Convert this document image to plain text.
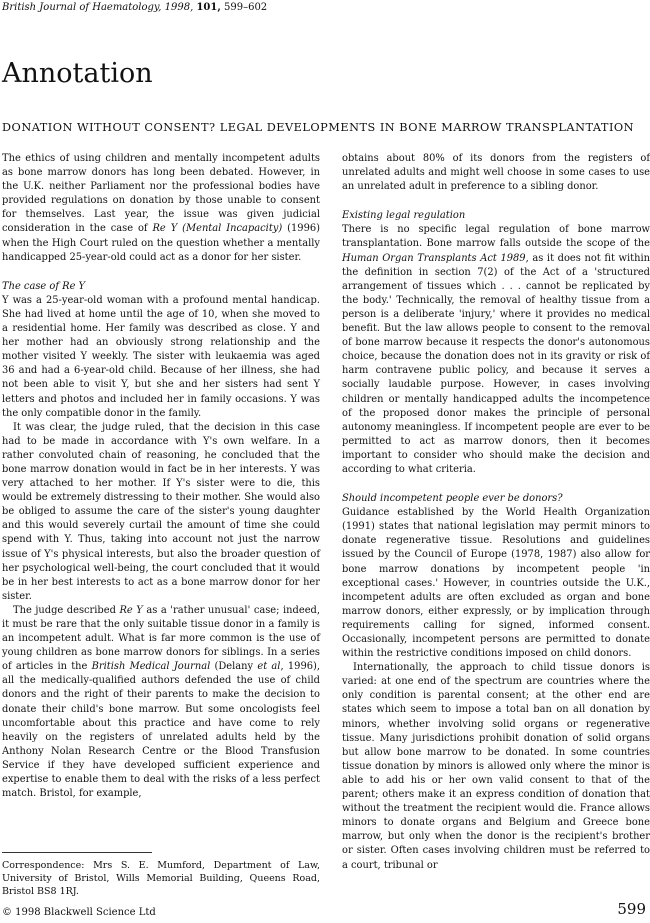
British Journal of Haematology, 1998, 101, 599–602
Annotation
DONATION WITHOUT CONSENT? LEGAL DEVELOPMENTS IN BONE MARROW TRANSPLANTATION

The ethics of using children and mentally incompetent adults as bone marrow donors has long been debated. However, in the U.K. neither Parliament nor the professional bodies have provided regulations on donation by those unable to consent for themselves. Last year, the issue was given judicial consideration in the case of Re Y (Mental Incapacity) (1996) when the High Court ruled on the question whether a mentally handicapped 25-year-old could act as a donor for her sister.

The case of Re Y

Y was a 25-year-old woman with a profound mental handicap. She had lived at home until the age of 10, when she moved to a residential home. Her family was described as close. Y and her mother had an obviously strong relationship and the mother visited Y weekly. The sister with leukaemia was aged 36 and had a 6-year-old child. Because of her illness, she had not been able to visit Y, but she and her sisters had sent Y letters and photos and included her in family occasions. Y was the only compatible donor in the family.

It was clear, the judge ruled, that the decision in this case had to be made in accordance with Y's own welfare. In a rather convoluted chain of reasoning, he concluded that the bone marrow donation would in fact be in her interests. Y was very attached to her mother. If Y's sister were to die, this would be extremely distressing to their mother. She would also be obliged to assume the care of the sister's young daughter and this would severely curtail the amount of time she could spend with Y. Thus, taking into account not just the narrow issue of Y's physical interests, but also the broader question of her psychological well-being, the court concluded that it would be in her best interests to act as a bone marrow donor for her sister.

The judge described Re Y as a 'rather unusual' case; indeed, it must be rare that the only suitable tissue donor in a family is an incompetent adult. What is far more common is the use of young children as bone marrow donors for siblings. In a series of articles in the British Medical Journal (Delany et al, 1996), all the medically-qualified authors defended the use of child donors and the right of their parents to make the decision to donate their child's bone marrow. But some oncologists feel uncomfortable about this practice and have come to rely heavily on the registers of unrelated adults held by the Anthony Nolan Research Centre or the Blood Transfusion Service if they have developed sufficient experience and expertise to enable them to deal with the risks of a less perfect match. Bristol, for example,

obtains about 80% of its donors from the registers of unrelated adults and might well choose in some cases to use an unrelated adult in preference to a sibling donor.

Existing legal regulation

There is no specific legal regulation of bone marrow transplantation. Bone marrow falls outside the scope of the Human Organ Transplants Act 1989, as it does not fit within the definition in section 7(2) of the Act of a 'structured arrangement of tissues which . . . cannot be replicated by the body.' Technically, the removal of healthy tissue from a person is a deliberate 'injury,' where it provides no medical benefit. But the law allows people to consent to the removal of bone marrow because it respects the donor's autonomous choice, because the donation does not in its gravity or risk of harm contravene public policy, and because it serves a socially laudable purpose. However, in cases involving children or mentally handicapped adults the incompetence of the proposed donor makes the principle of personal autonomy meaningless. If incompetent people are ever to be permitted to act as marrow donors, then it becomes important to consider who should make the decision and according to what criteria.

Should incompetent people ever be donors?

Guidance established by the World Health Organization (1991) states that national legislation may permit minors to donate regenerative tissue. Resolutions and guidelines issued by the Council of Europe (1978, 1987) also allow for bone marrow donations by incompetent people 'in exceptional cases.' However, in countries outside the U.K., incompetent adults are often excluded as organ and bone marrow donors, either expressly, or by implication through requirements calling for signed, informed consent. Occasionally, incompetent persons are permitted to donate within the restrictive conditions imposed on child donors.

Internationally, the approach to child tissue donors is varied: at one end of the spectrum are countries where the only condition is parental consent; at the other end are states which seem to impose a total ban on all donation by minors, whether involving solid organs or regenerative tissue. Many jurisdictions prohibit donation of solid organs but allow bone marrow to be donated. In some countries tissue donation by minors is allowed only where the minor is able to add his or her own valid consent to that of the parent; others make it an express condition of donation that without the treatment the recipient would die. France allows minors to donate organs and Belgium and Greece bone marrow, but only when the donor is the recipient's brother or sister. Often cases involving children must be referred to a court, tribunal or

Correspondence: Mrs S. E. Mumford, Department of Law, University of Bristol, Wills Memorial Building, Queens Road, Bristol BS8 1RJ.
© 1998 Blackwell Science Ltd	599
